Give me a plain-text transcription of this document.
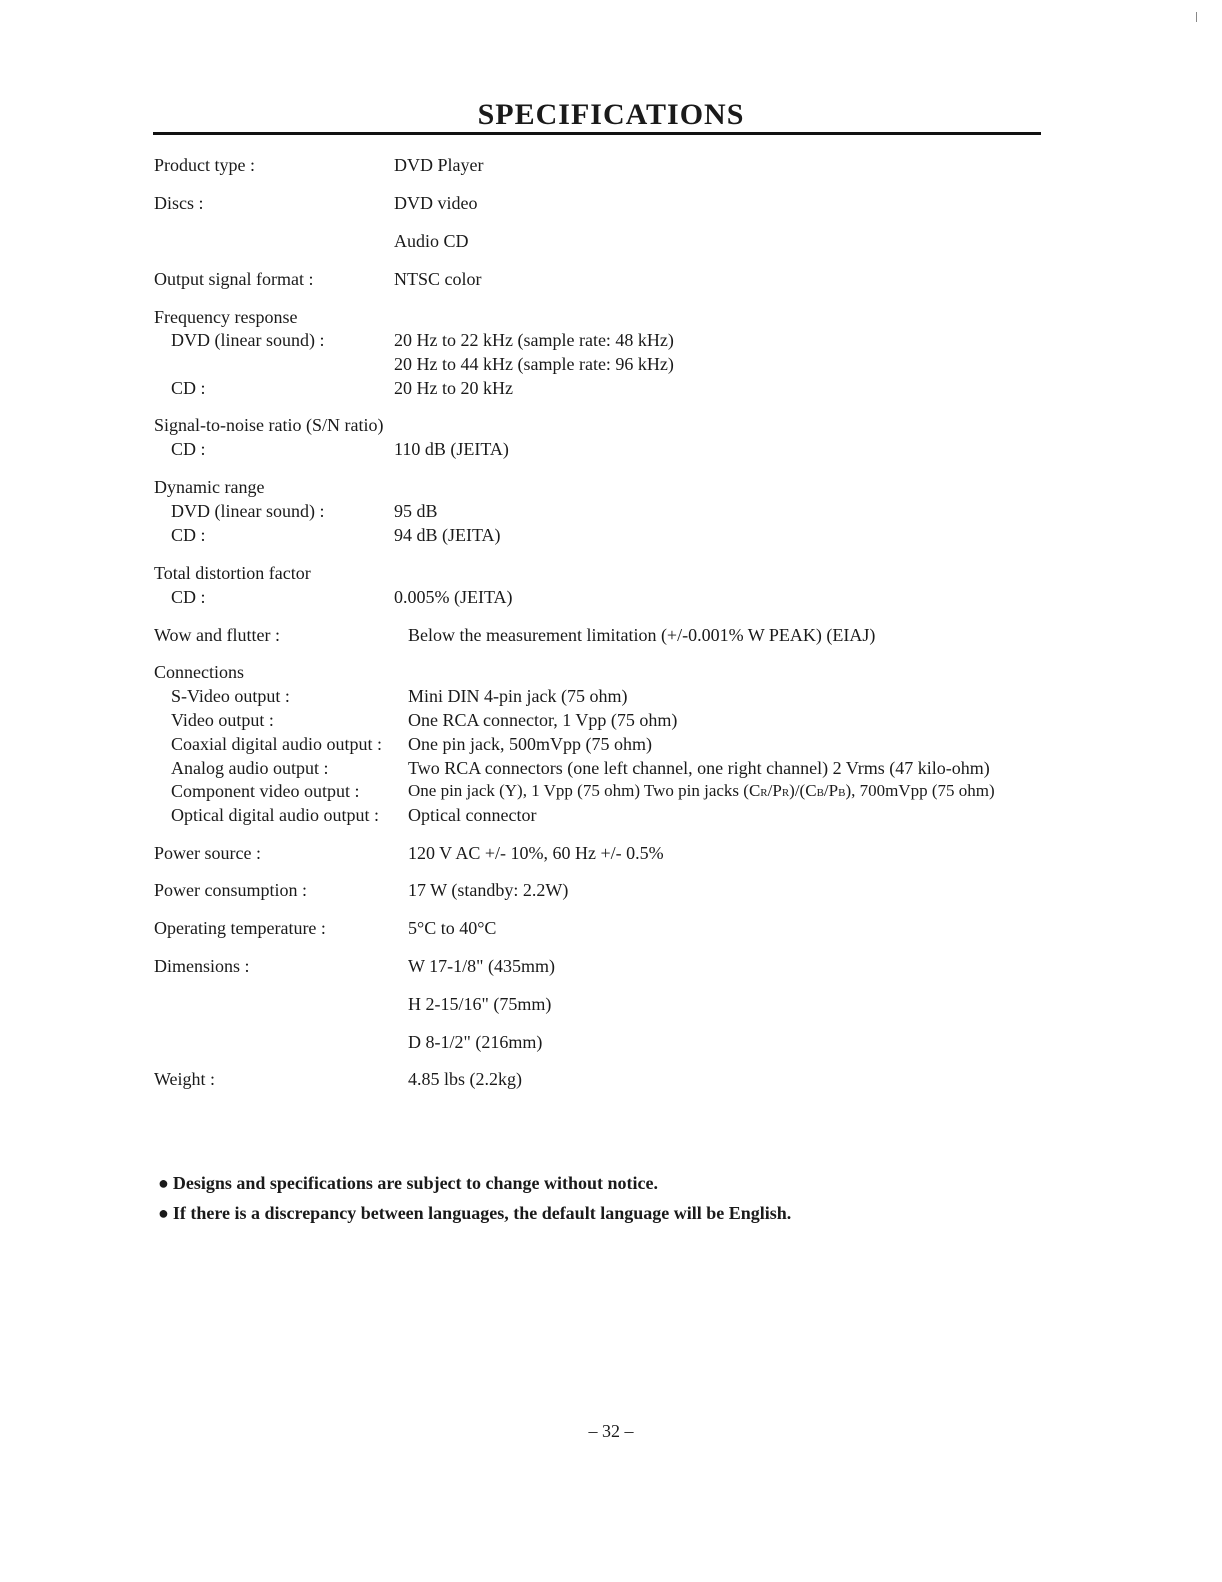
SPECIFICATIONS
Product type :	DVD Player
Discs :	DVD video
Audio CD
Output signal format :	NTSC color
Frequency response
DVD (linear sound) :	20 Hz to 22 kHz (sample rate: 48 kHz)
20 Hz to 44 kHz (sample rate: 96 kHz)
CD :	20 Hz to 20 kHz
Signal-to-noise ratio (S/N ratio)
CD :	110 dB (JEITA)
Dynamic range
DVD (linear sound) :	95 dB
CD :	94 dB (JEITA)
Total distortion factor
CD :	0.005% (JEITA)
Wow and flutter :	Below the measurement limitation (+/-0.001% W PEAK) (EIAJ)
Connections
S-Video output :	Mini DIN 4-pin jack (75 ohm)
Video output :	One RCA connector, 1 Vpp (75 ohm)
Coaxial digital audio output : One pin jack, 500mVpp (75 ohm)
Analog audio output :	Two RCA connectors (one left channel, one right channel) 2 Vrms (47 kilo-ohm)
Component video output :	One pin jack (Y), 1 Vpp (75 ohm) Two pin jacks (CR/PR)/(CB/PB), 700mVpp (75 ohm)
Optical digital audio output : Optical connector
Power source :	120 V AC +/- 10%, 60 Hz +/- 0.5%
Power consumption :	17 W (standby: 2.2W)
Operating temperature :	5°C to 40°C
Dimensions :	W 17-1/8" (435mm)
H 2-15/16" (75mm)
D 8-1/2" (216mm)
Weight :	4.85 lbs (2.2kg)
● Designs and specifications are subject to change without notice.
● If there is a discrepancy between languages, the default language will be English.
– 32 –
